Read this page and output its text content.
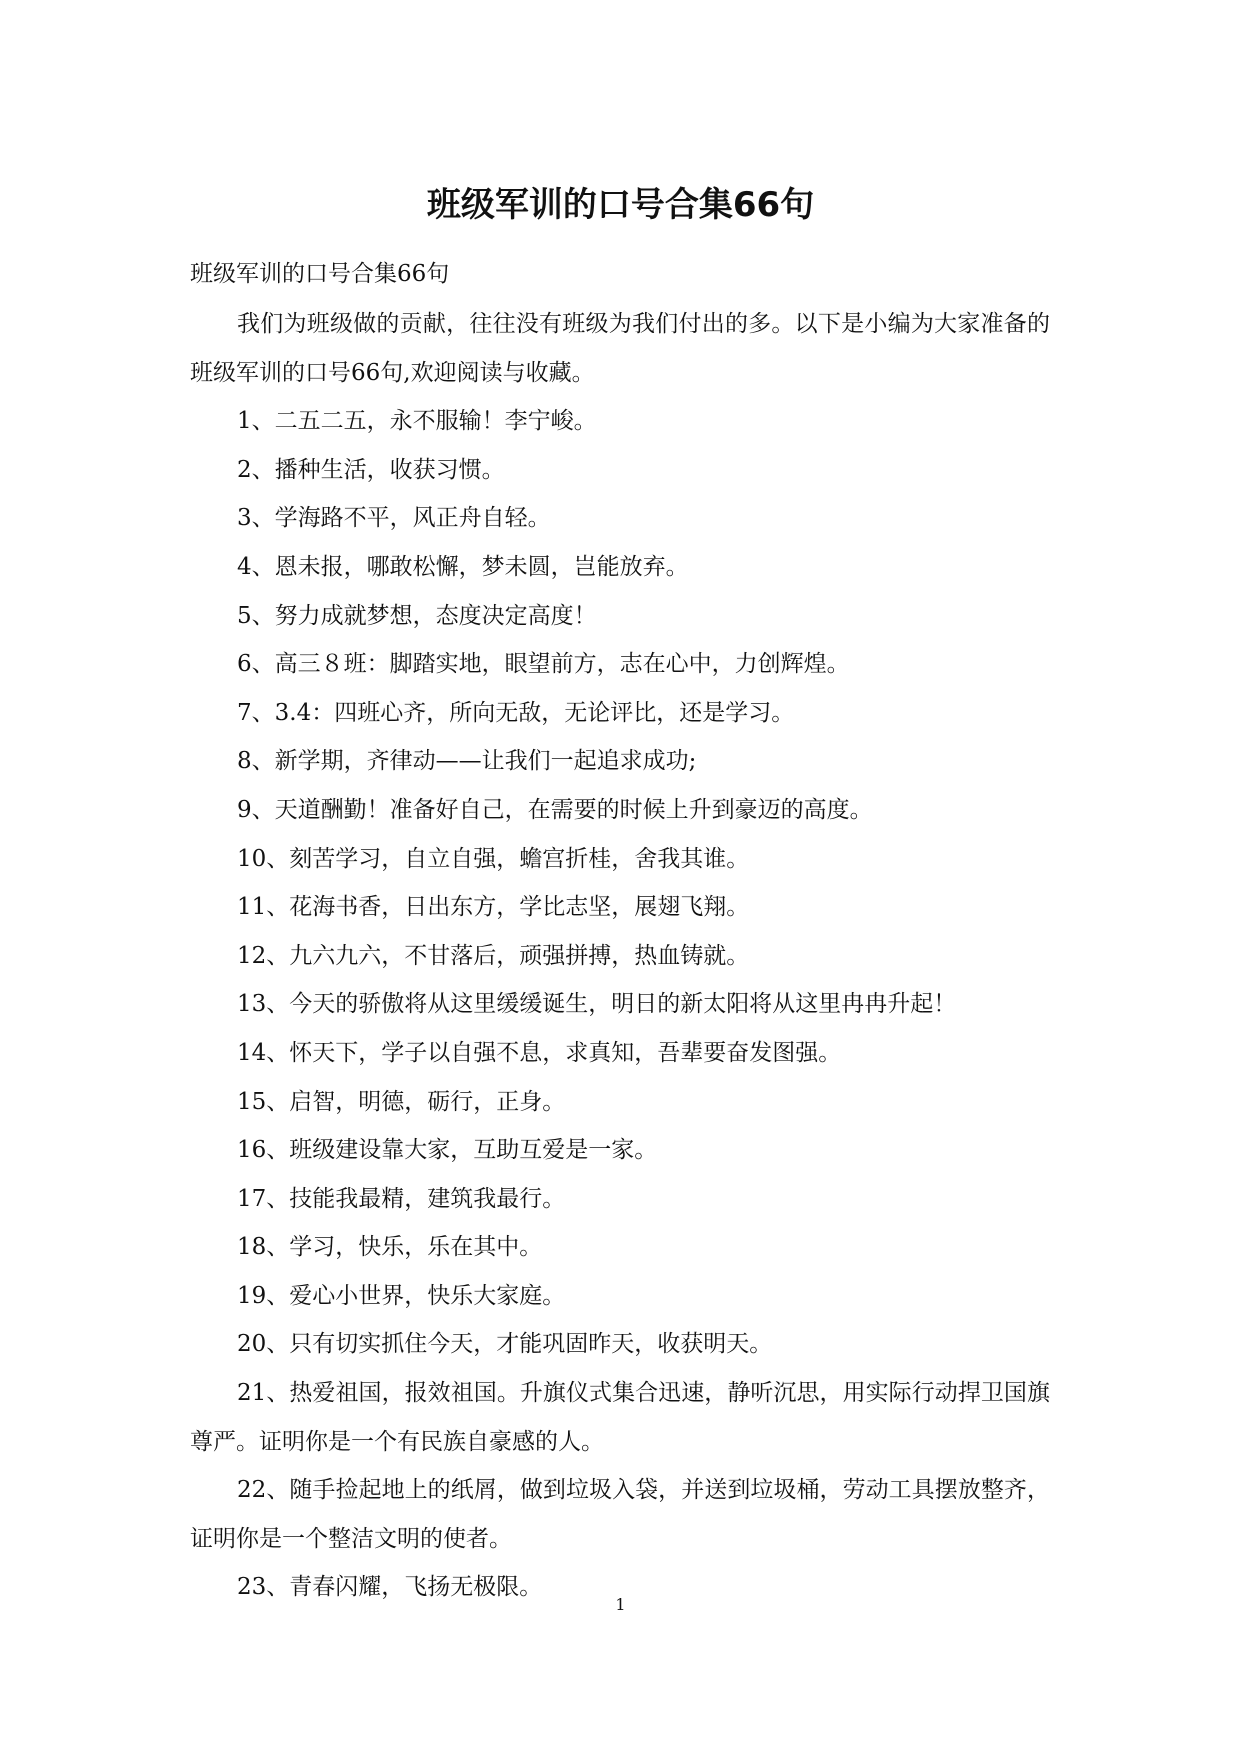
班级军训的口号合集66句

班级军训的口号合集66句

我们为班级做的贡献，往往没有班级为我们付出的多。以下是小编为大家准备的班级军训的口号66句,欢迎阅读与收藏。

1、二五二五，永不服输！李宁峻。

2、播种生活，收获习惯。

3、学海路不平，风正舟自轻。

4、恩未报，哪敢松懈，梦未圆，岂能放弃。

5、努力成就梦想，态度决定高度！

6、高三８班：脚踏实地，眼望前方，志在心中，力创辉煌。

7、3.4：四班心齐，所向无敌，无论评比，还是学习。

8、新学期，齐律动——让我们一起追求成功;

9、天道酬勤！准备好自己，在需要的时候上升到豪迈的高度。

10、刻苦学习，自立自强，蟾宫折桂，舍我其谁。

11、花海书香，日出东方，学比志坚，展翅飞翔。

12、九六九六，不甘落后，顽强拼搏，热血铸就。

13、今天的骄傲将从这里缓缓诞生，明日的新太阳将从这里冉冉升起！

14、怀天下，学子以自强不息，求真知，吾辈要奋发图强。

15、启智，明德，砺行，正身。

16、班级建设靠大家，互助互爱是一家。

17、技能我最精，建筑我最行。

18、学习，快乐，乐在其中。

19、爱心小世界，快乐大家庭。

20、只有切实抓住今天，才能巩固昨天，收获明天。

21、热爱祖国，报效祖国。升旗仪式集合迅速，静听沉思，用实际行动捍卫国旗尊严。证明你是一个有民族自豪感的人。

22、随手捡起地上的纸屑，做到垃圾入袋，并送到垃圾桶，劳动工具摆放整齐，证明你是一个整洁文明的使者。

23、青春闪耀，飞扬无极限。

1
